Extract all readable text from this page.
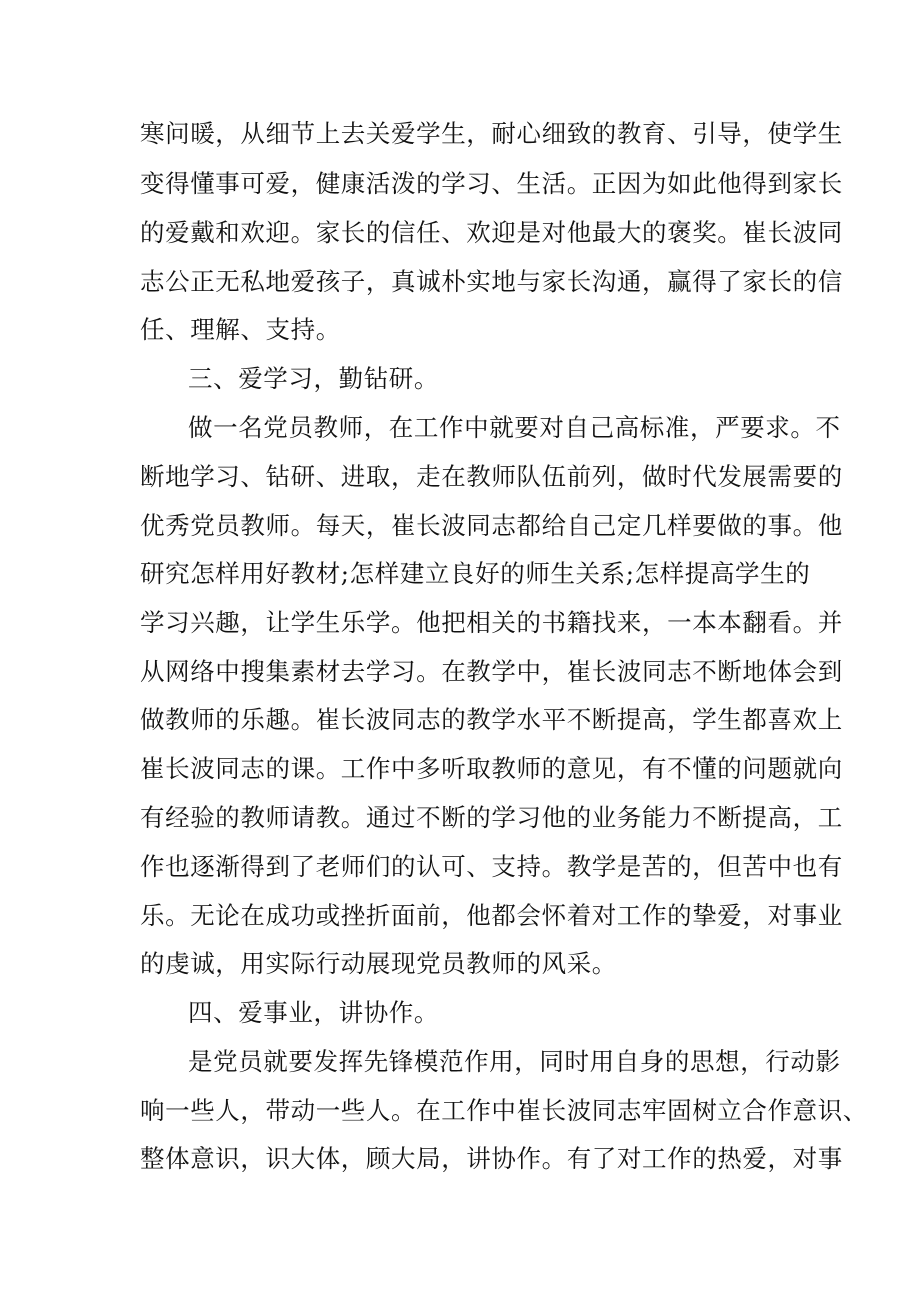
寒问暖，从细节上去关爱学生，耐心细致的教育、引导，使学生
变得懂事可爱，健康活泼的学习、生活。正因为如此他得到家长
的爱戴和欢迎。家长的信任、欢迎是对他最大的褒奖。崔长波同
志公正无私地爱孩子，真诚朴实地与家长沟通，赢得了家长的信
任、理解、支持。
三、爱学习，勤钻研。
做一名党员教师，在工作中就要对自己高标准，严要求。不
断地学习、钻研、进取，走在教师队伍前列，做时代发展需要的
优秀党员教师。每天，崔长波同志都给自己定几样要做的事。他
研究怎样用好教材;怎样建立良好的师生关系;怎样提高学生的
学习兴趣，让学生乐学。他把相关的书籍找来，一本本翻看。并
从网络中搜集素材去学习。在教学中，崔长波同志不断地体会到
做教师的乐趣。崔长波同志的教学水平不断提高，学生都喜欢上
崔长波同志的课。工作中多听取教师的意见，有不懂的问题就向
有经验的教师请教。通过不断的学习他的业务能力不断提高，工
作也逐渐得到了老师们的认可、支持。教学是苦的，但苦中也有
乐。无论在成功或挫折面前，他都会怀着对工作的挚爱，对事业
的虔诚，用实际行动展现党员教师的风采。
四、爱事业，讲协作。
是党员就要发挥先锋模范作用，同时用自身的思想，行动影
响一些人，带动一些人。在工作中崔长波同志牢固树立合作意识、
整体意识，识大体，顾大局，讲协作。有了对工作的热爱，对事
